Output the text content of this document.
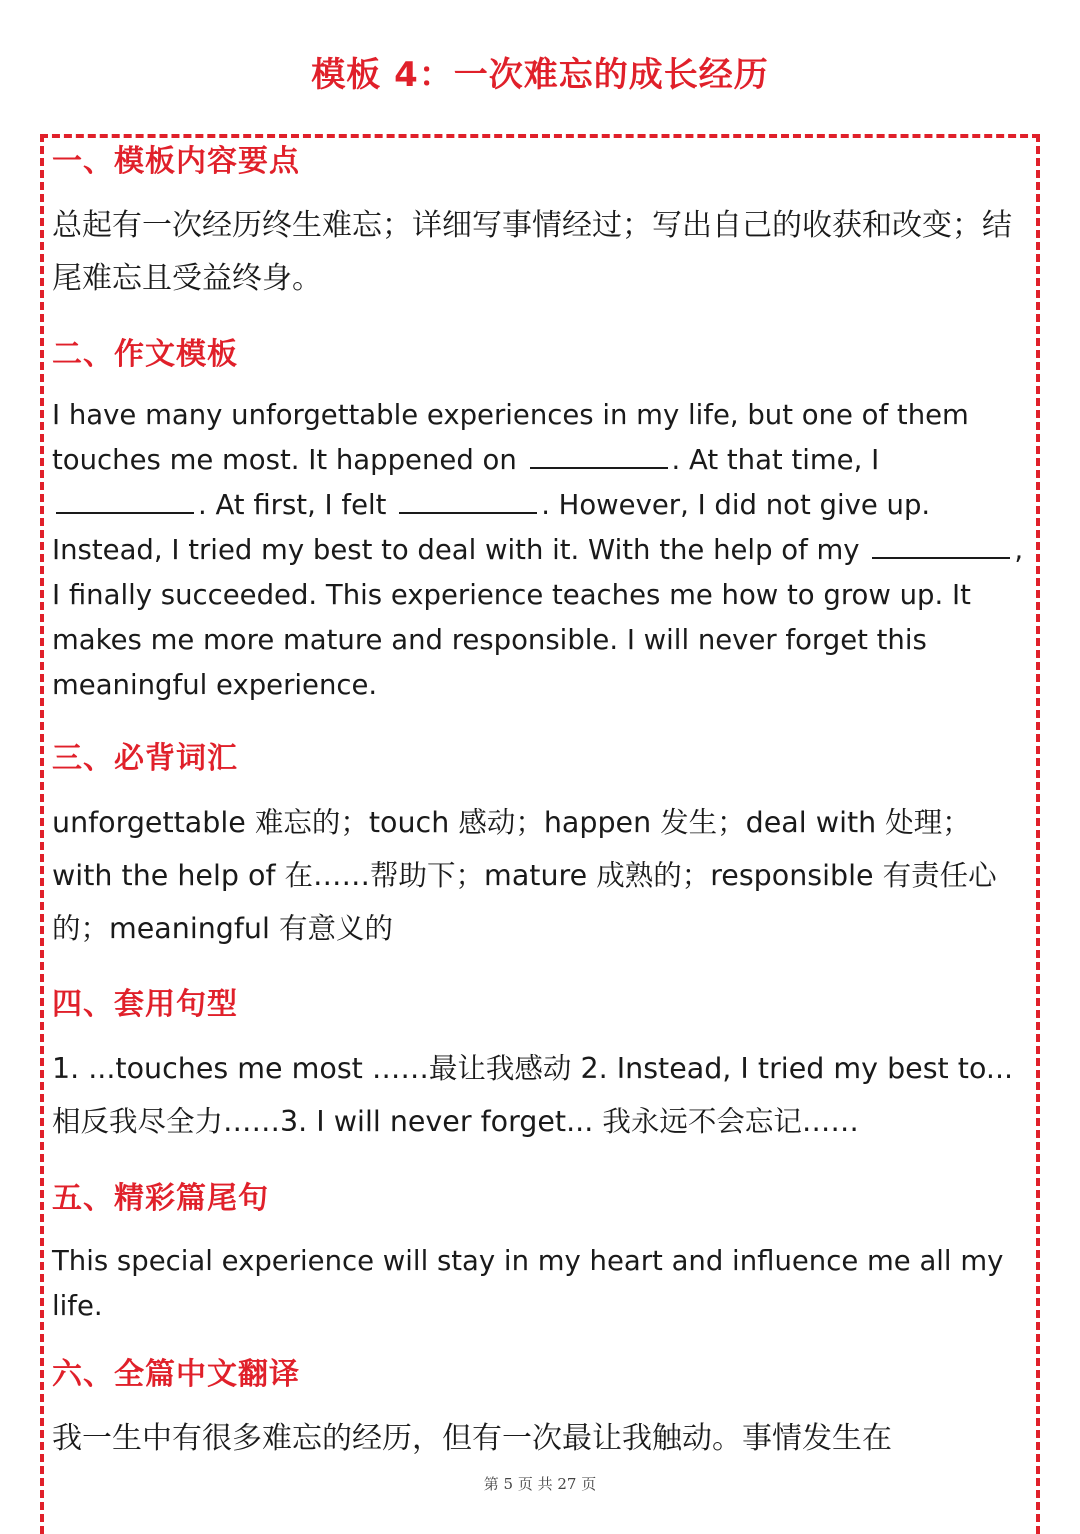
模板 4：一次难忘的成长经历
一、模板内容要点
总起有一次经历终生难忘；详细写事情经过；写出自己的收获和改变；结尾难忘且受益终身。
二、作文模板
I have many unforgettable experiences in my life, but one of them touches me most. It happened on	. At that time, I . At first, I felt	. However, I did not give up. Instead, I tried my best to deal with it. With the help of my	, I finally succeeded. This experience teaches me how to grow up. It makes me more mature and responsible. I will never forget this meaningful experience.
三、必背词汇
unforgettable 难忘的；touch 感动；happen 发生；deal with 处理；with the help of 在……帮助下；mature 成熟的；responsible 有责任心的；meaningful 有意义的
四、套用句型
1. ...touches me most ……最让我感动 2. Instead, I tried my best to... 相反我尽全力……3. I will never forget... 我永远不会忘记……
五、精彩篇尾句
This special experience will stay in my heart and influence me all my life.
六、全篇中文翻译
我一生中有很多难忘的经历，但有一次最让我触动。事情发生在
第 5 页 共 27 页
